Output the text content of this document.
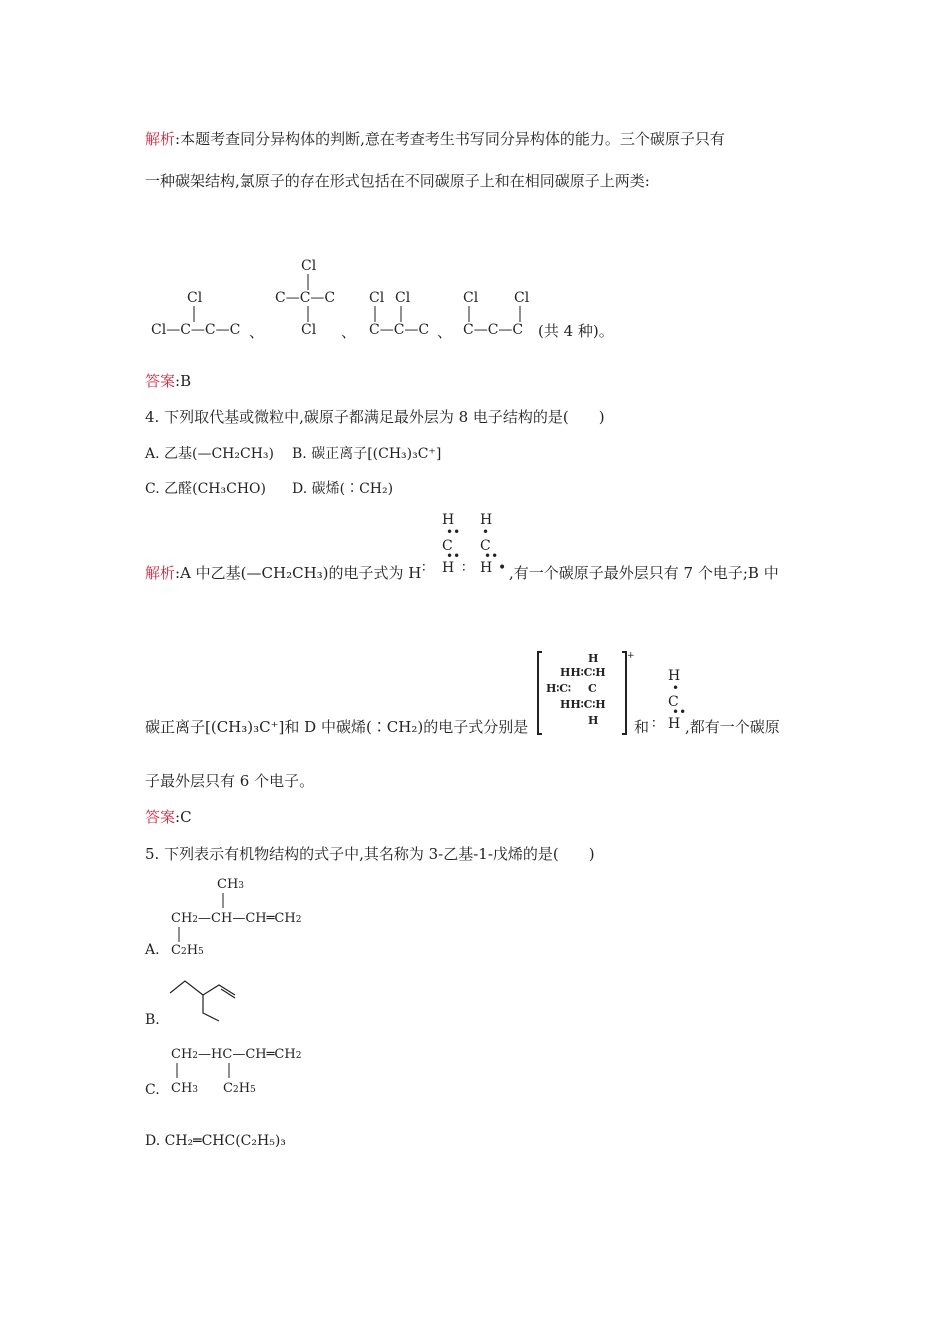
解析:本题考查同分异构体的判断,意在考查考生书写同分异构体的能力。三个碳原子只有
一种碳架结构,氯原子的存在形式包括在不同碳原子上和在相同碳原子上两类:
Cl
Cl—C—C—C 、
Cl
C—C—C
Cl 、
Cl Cl
C—C—C 、
Cl	Cl
C—C—C (共 4 种)。
答案:B
4. 下列取代基或微粒中,碳原子都满足最外层为 8 电子结构的是(　　)
A. 乙基(—CH₂CH₃) B. 碳正离子[(CH₃)₃C⁺]
C. 乙醛(CH₃CHO) D. 碳烯(∶CH₂)
解析:A 中乙基(—CH₂CH₃)的电子式为 H ∶
H
••
C
••
H ∶
H
•
C
••
H • ,有一个碳原子最外层只有 7 个电子;B 中
碳正离子[(CH₃)₃C⁺]和 D 中碳烯(∶CH₂)的电子式分别是
+
H
HH∶C∶H
H∶C∶ C
HH∶C∶H
H 和 ∶
H
•
C
••
H ,都有一个碳原
子最外层只有 6 个电子。
答案:C
5. 下列表示有机物结构的式子中,其名称为 3-乙基-1-戊烯的是(　　)
A.
CH3
CH2—CH—CH═CH2
C2H5
B.
C.
CH2—HC—CH═CH2
CH3 C2H5
D. CH₂═CHC(C₂H₅)₃
